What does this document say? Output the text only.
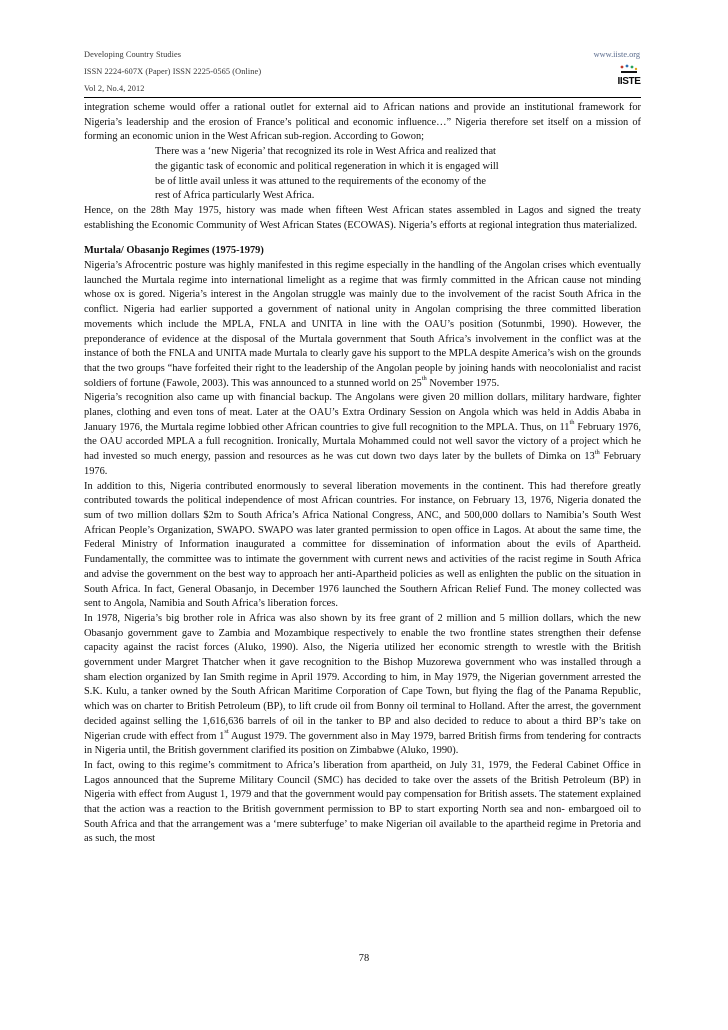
Developing Country Studies
ISSN 2224-607X (Paper) ISSN 2225-0565 (Online)
Vol 2, No.4, 2012
www.iiste.org
IISTE

integration scheme would offer a rational outlet for external aid to African nations and provide an institutional framework for Nigeria’s leadership and the erosion of France’s political and economic influence…” Nigeria therefore set itself on a mission of forming an economic union in the West African sub-region. According to Gowon;

There was a ‘new Nigeria’ that recognized its role in West Africa and realized that
the gigantic task of economic and political regeneration in which it is engaged will
be of little avail unless it was attuned to the requirements of the economy of the
rest of Africa particularly West Africa.

Hence, on the 28th May 1975, history was made when fifteen West African states assembled in Lagos and signed the treaty establishing the Economic Community of West African States (ECOWAS). Nigeria’s efforts at regional integration thus materialized.

Murtala/ Obasanjo Regimes (1975-1979)

Nigeria’s Afrocentric posture was highly manifested in this regime especially in the handling of the Angolan crises which eventually launched the Murtala regime into international limelight as a regime that was firmly committed in the African cause not minding whose ox is gored. Nigeria’s interest in the Angolan struggle was mainly due to the involvement of the racist South Africa in the conflict. Nigeria had earlier supported a government of national unity in Angolan comprising the three committed liberation movements which include the MPLA, FNLA and UNITA in line with the OAU’s position (Sotunmbi, 1990). However, the preponderance of evidence at the disposal of the Murtala government that South Africa’s involvement in the conflict was at the instance of both the FNLA and UNITA made Murtala to clearly gave his support to the MPLA despite America’s wish on the grounds that the two groups “have forfeited their right to the leadership of the Angolan people by joining hands with neocolonialist and racist soldiers of fortune (Fawole, 2003). This was announced to a stunned world on 25th November 1975.

Nigeria’s recognition also came up with financial backup. The Angolans were given 20 million dollars, military hardware, fighter planes, clothing and even tons of meat. Later at the OAU’s Extra Ordinary Session on Angola which was held in Addis Ababa in January 1976, the Murtala regime lobbied other African countries to give full recognition to the MPLA. Thus, on 11th February 1976, the OAU accorded MPLA a full recognition. Ironically, Murtala Mohammed could not well savor the victory of a project which he had invested so much energy, passion and resources as he was cut down two days later by the bullets of Dimka on 13th February 1976.

In addition to this, Nigeria contributed enormously to several liberation movements in the continent. This had therefore greatly contributed towards the political independence of most African countries. For instance, on February 13, 1976, Nigeria donated the sum of two million dollars $2m to South Africa’s Africa National Congress, ANC, and 500,000 dollars to Namibia’s South West African People’s Organization, SWAPO. SWAPO was later granted permission to open office in Lagos. At about the same time, the Federal Ministry of Information inaugurated a committee for dissemination of information about the evils of Apartheid. Fundamentally, the committee was to intimate the government with current news and activities of the racist regime in South Africa and advise the government on the best way to approach her anti-Apartheid policies as well as enlighten the public on the situation in South Africa. In fact, General Obasanjo, in December 1976 launched the Southern African Relief Fund. The money collected was sent to Angola, Namibia and South Africa’s liberation forces.

In 1978, Nigeria’s big brother role in Africa was also shown by its free grant of 2 million and 5 million dollars, which the new Obasanjo government gave to Zambia and Mozambique respectively to enable the two frontline states strengthen their defense capacity against the racist forces (Aluko, 1990). Also, the Nigeria utilized her economic strength to wrestle with the British government under Margret Thatcher when it gave recognition to the Bishop Muzorewa government who was installed through a sham election organized by Ian Smith regime in April 1979. According to him, in May 1979, the Nigerian government arrested the S.K. Kulu, a tanker owned by the South African Maritime Corporation of Cape Town, but flying the flag of the Panama Republic, which was on charter to British Petroleum (BP), to lift crude oil from Bonny oil terminal to Holland. After the arrest, the government decided against selling the 1,616,636 barrels of oil in the tanker to BP and also decided to reduce to about a third BP’s take on Nigerian crude with effect from 1st August 1979. The government also in May 1979, barred British firms from tendering for contracts in Nigeria until, the British government clarified its position on Zimbabwe (Aluko, 1990).

In fact, owing to this regime’s commitment to Africa’s liberation from apartheid, on July 31, 1979, the Federal Cabinet Office in Lagos announced that the Supreme Military Council (SMC) has decided to take over the assets of the British Petroleum (BP) in Nigeria with effect from August 1, 1979 and that the government would pay compensation for British assets. The statement explained that the action was a reaction to the British government permission to BP to start exporting North sea and non- embargoed oil to South Africa and that the arrangement was a ‘mere subterfuge’ to make Nigerian oil available to the apartheid regime in Pretoria and as such, the most

78
